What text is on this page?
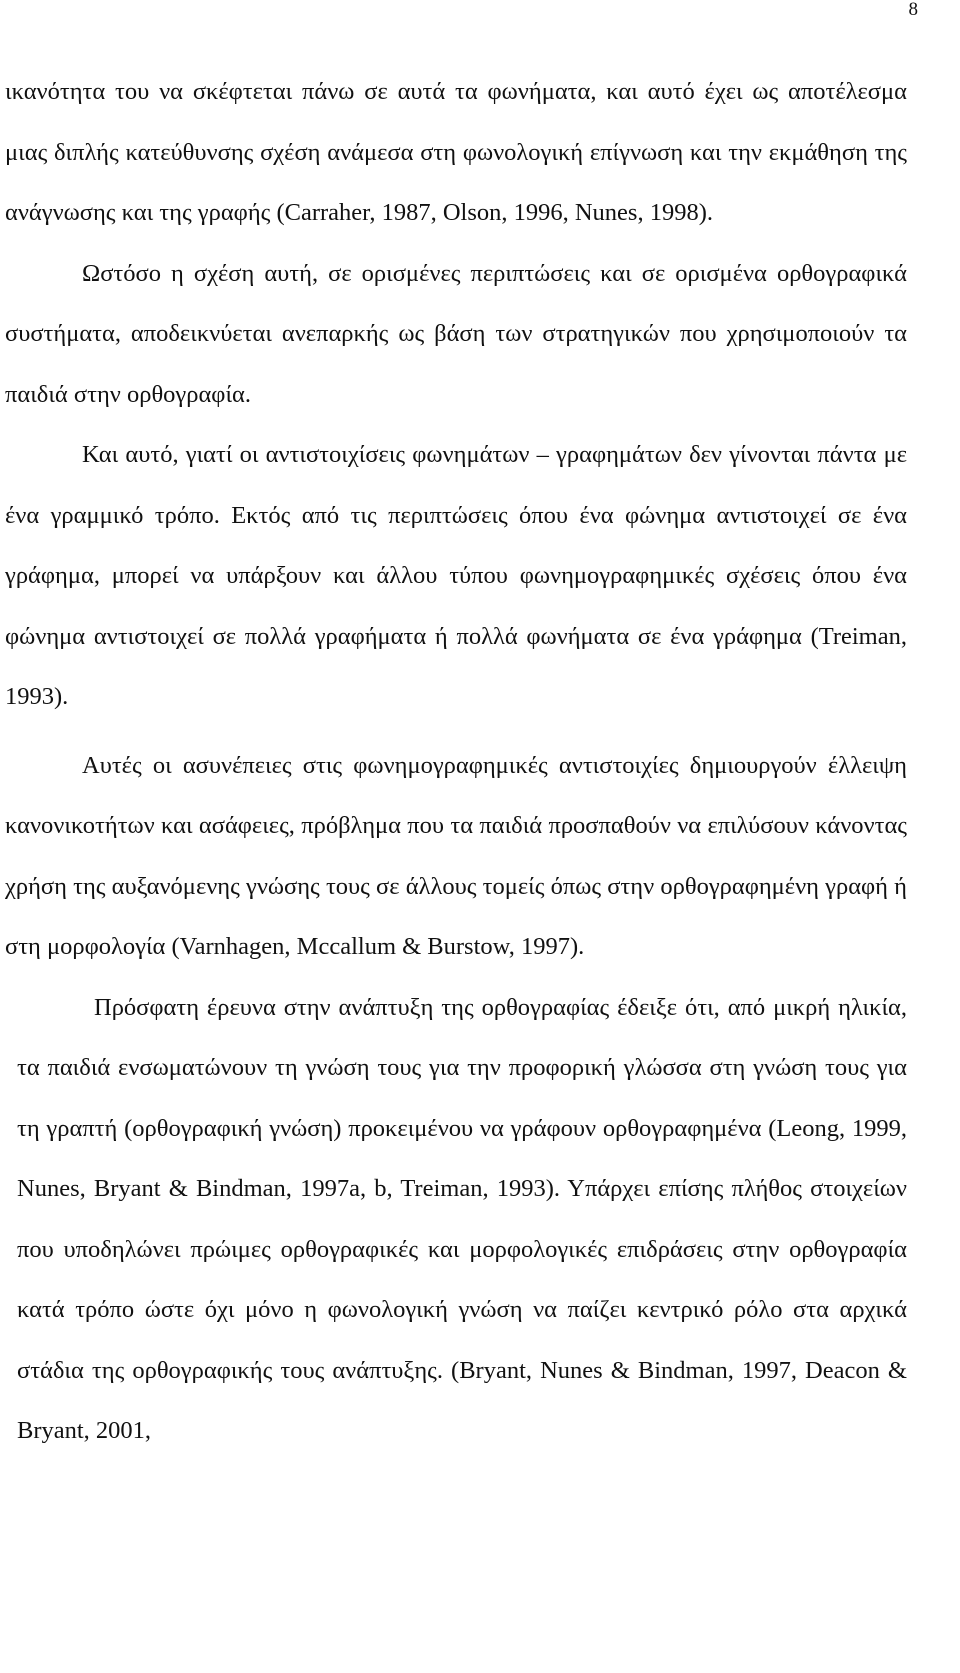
8

ικανότητα του να σκέφτεται πάνω σε αυτά τα φωνήματα, και αυτό έχει ως αποτέλεσμα μιας διπλής κατεύθυνσης σχέση ανάμεσα στη φωνολογική επίγνωση και την εκμάθηση της ανάγνωσης και της γραφής (Carraher, 1987, Olson, 1996, Nunes, 1998).

Ωστόσο η σχέση αυτή, σε ορισμένες περιπτώσεις και σε ορισμένα ορθογραφικά συστήματα, αποδεικνύεται ανεπαρκής ως βάση των στρατηγικών που χρησιμοποιούν τα παιδιά στην ορθογραφία.

Και αυτό, γιατί οι αντιστοιχίσεις φωνημάτων – γραφημάτων δεν γίνονται πάντα με ένα γραμμικό τρόπο. Εκτός από τις περιπτώσεις όπου ένα φώνημα αντιστοιχεί σε ένα γράφημα, μπορεί να υπάρξουν και άλλου τύπου φωνημογραφημικές σχέσεις όπου ένα φώνημα αντιστοιχεί σε πολλά γραφήματα ή πολλά φωνήματα σε ένα γράφημα (Treiman, 1993).

Αυτές οι ασυνέπειες στις φωνημογραφημικές αντιστοιχίες δημιουργούν έλλειψη κανονικοτήτων και ασάφειες, πρόβλημα που τα παιδιά προσπαθούν να επιλύσουν κάνοντας χρήση της αυξανόμενης γνώσης τους σε άλλους τομείς όπως στην ορθογραφημένη γραφή ή στη μορφολογία (Varnhagen, Mccallum & Burstow, 1997).

Πρόσφατη έρευνα στην ανάπτυξη της ορθογραφίας έδειξε ότι, από μικρή ηλικία, τα παιδιά ενσωματώνουν τη γνώση τους για την προφορική γλώσσα στη γνώση τους για τη γραπτή (ορθογραφική γνώση) προκειμένου να γράφουν ορθογραφημένα (Leong, 1999, Nunes, Bryant & Bindman, 1997a, b, Treiman, 1993). Υπάρχει επίσης πλήθος στοιχείων που υποδηλώνει πρώιμες ορθογραφικές και μορφολογικές επιδράσεις στην ορθογραφία κατά τρόπο ώστε όχι μόνο η φωνολογική γνώση να παίζει κεντρικό ρόλο στα αρχικά στάδια της ορθογραφικής τους ανάπτυξης. (Bryant, Nunes & Bindman, 1997, Deacon & Bryant, 2001,
